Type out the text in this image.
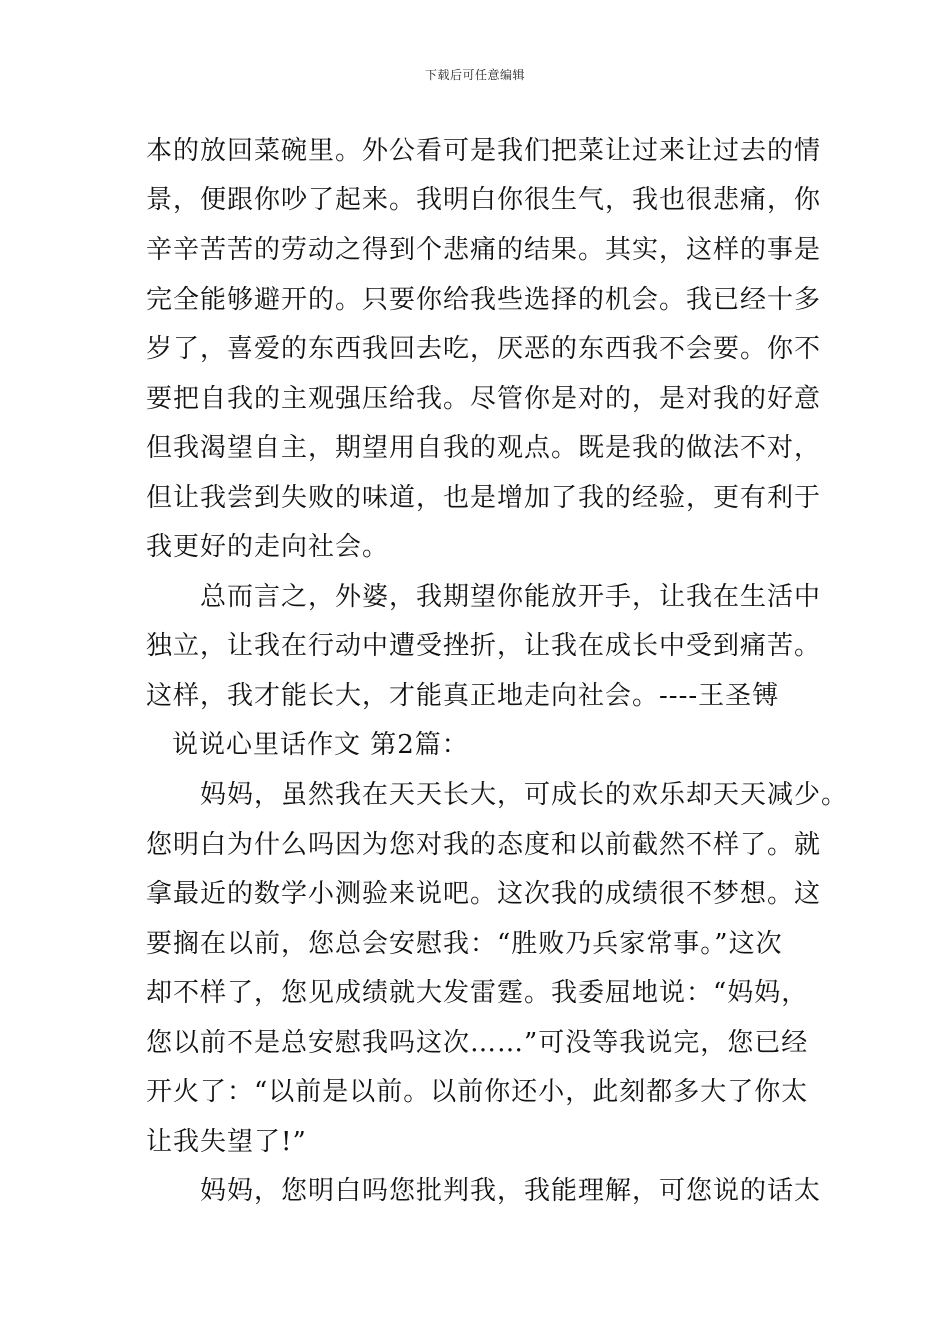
下载后可任意编辑
本的放回菜碗里。外公看可是我们把菜让过来让过去的情
景，便跟你吵了起来。我明白你很生气，我也很悲痛，你
辛辛苦苦的劳动之得到个悲痛的结果。其实，这样的事是
完全能够避开的。只要你给我些选择的机会。我已经十多
岁了，喜爱的东西我回去吃，厌恶的东西我不会要。你不
要把自我的主观强压给我。尽管你是对的，是对我的好意
但我渴望自主，期望用自我的观点。既是我的做法不对，
但让我尝到失败的味道，也是增加了我的经验，更有利于
我更好的走向社会。
总而言之，外婆，我期望你能放开手，让我在生活中
独立，让我在行动中遭受挫折，让我在成长中受到痛苦。
这样，我才能长大，才能真正地走向社会。----王圣镈
说说心里话作文 第2篇：
妈妈，虽然我在天天长大，可成长的欢乐却天天减少。
您明白为什么吗因为您对我的态度和以前截然不样了。就
拿最近的数学小测验来说吧。这次我的成绩很不梦想。这
要搁在以前，您总会安慰我：“胜败乃兵家常事。”这次
却不样了，您见成绩就大发雷霆。我委屈地说：“妈妈，
您以前不是总安慰我吗这次……”可没等我说完，您已经
开火了：“以前是以前。以前你还小，此刻都多大了你太
让我失望了!”
妈妈，您明白吗您批判我，我能理解，可您说的话太
